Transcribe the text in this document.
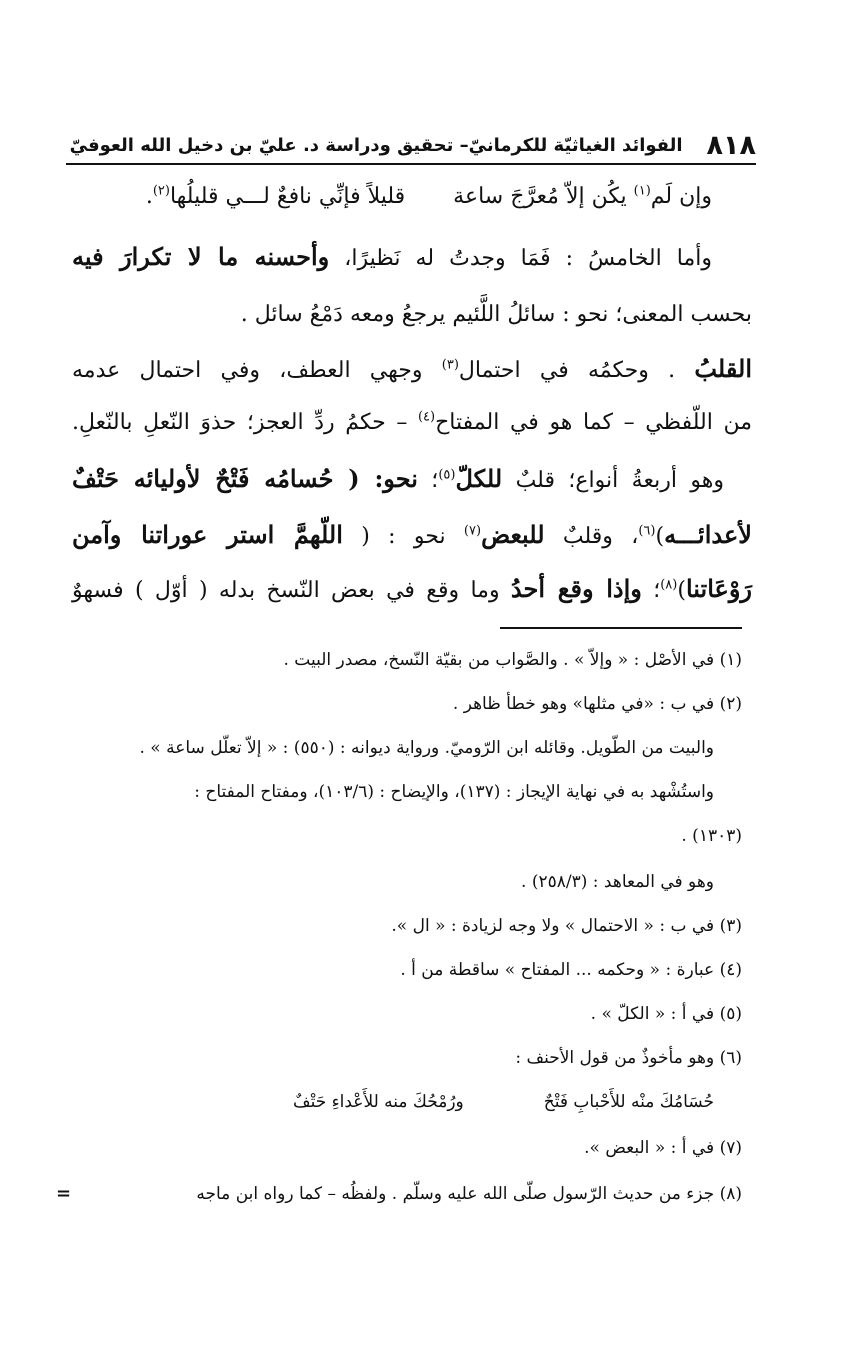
٨١٨
الفوائد الغياثيّة للكرمانيّ– تحقيق ودراسة د. عليّ بن دخيل الله العوفيّ
وإن لَم$^{(١)}$ يكُن إلاّ مُعرَّجَ ساعة
قليلاً فإنِّي نافعٌ لـــي قليلُها$^{(٢)}$.
وأما الخامسُ : فَمَا وجدتُ له نَظيرًا، وأحسنه ما لا تكرارَ فيه
بحسب المعنى؛ نحو : سائلُ اللَّئيم يرجعُ ومعه دَمْعُ سائل .
القلبُ . وحكمُه في احتمال$^{(٣)}$ وجهي العطف، وفي احتمال عدمه
من اللّفظي – كما هو في المفتاح$^{(٤)}$ – حكمُ ردِّ العجز؛ حذوَ النّعلِ بالنّعلِ.
وهو أربعةُ أنواع؛ قلبٌ للكلّ$^{(٥)}$؛ نحو: ( حُسامُه فَتْحٌ لأوليائه حَتْفٌ
لأعدائـــه)$^{(٦)}$، وقلبٌ للبعض$^{(٧)}$ نحو : ( اللّهمَّ استر عوراتنا وآمن
رَوْعَاتنا)$^{(٨)}$؛ وإذا وقع أحدُ وما وقع في بعض النّسخ بدله ( أوّل ) فسهوٌ
(١) في الأصْل : « وإلاّ » . والصَّواب من بقيّة النّسخ، مصدر البيت .
(٢) في ب : «في مثلها» وهو خطأ ظاهر .
والبيت من الطّويل. وقائله ابن الرّوميّ. ورواية ديوانه : (٥٥٠) : « إلاّ تعلّل ساعة » .
واستُشْهد به في نهاية الإيجاز : (١٣٧)، والإيضاح : (١٠٣/٦)، ومفتاح المفتاح :
(١٣٠٣) .
وهو في المعاهد : (٢٥٨/٣) .
(٣) في ب : « الاحتمال » ولا وجه لزيادة : « ال ».
(٤) عبارة : « وحكمه ... المفتاح » ساقطة من أ .
(٥) في أ : « الكلّ » .
(٦) وهو مأخوذٌ من قول الأحنف :
حُسَامُكَ منْه للأَحْبابِ فَتْحٌ
ورُمْحُكَ منه للأَعْداءِ حَتْفٌ
(٧) في أ : « البعض ».
(٨) جزء من حديث الرّسول صلّى الله عليه وسلّم . ولفظُه – كما رواه ابن ماجه
=
